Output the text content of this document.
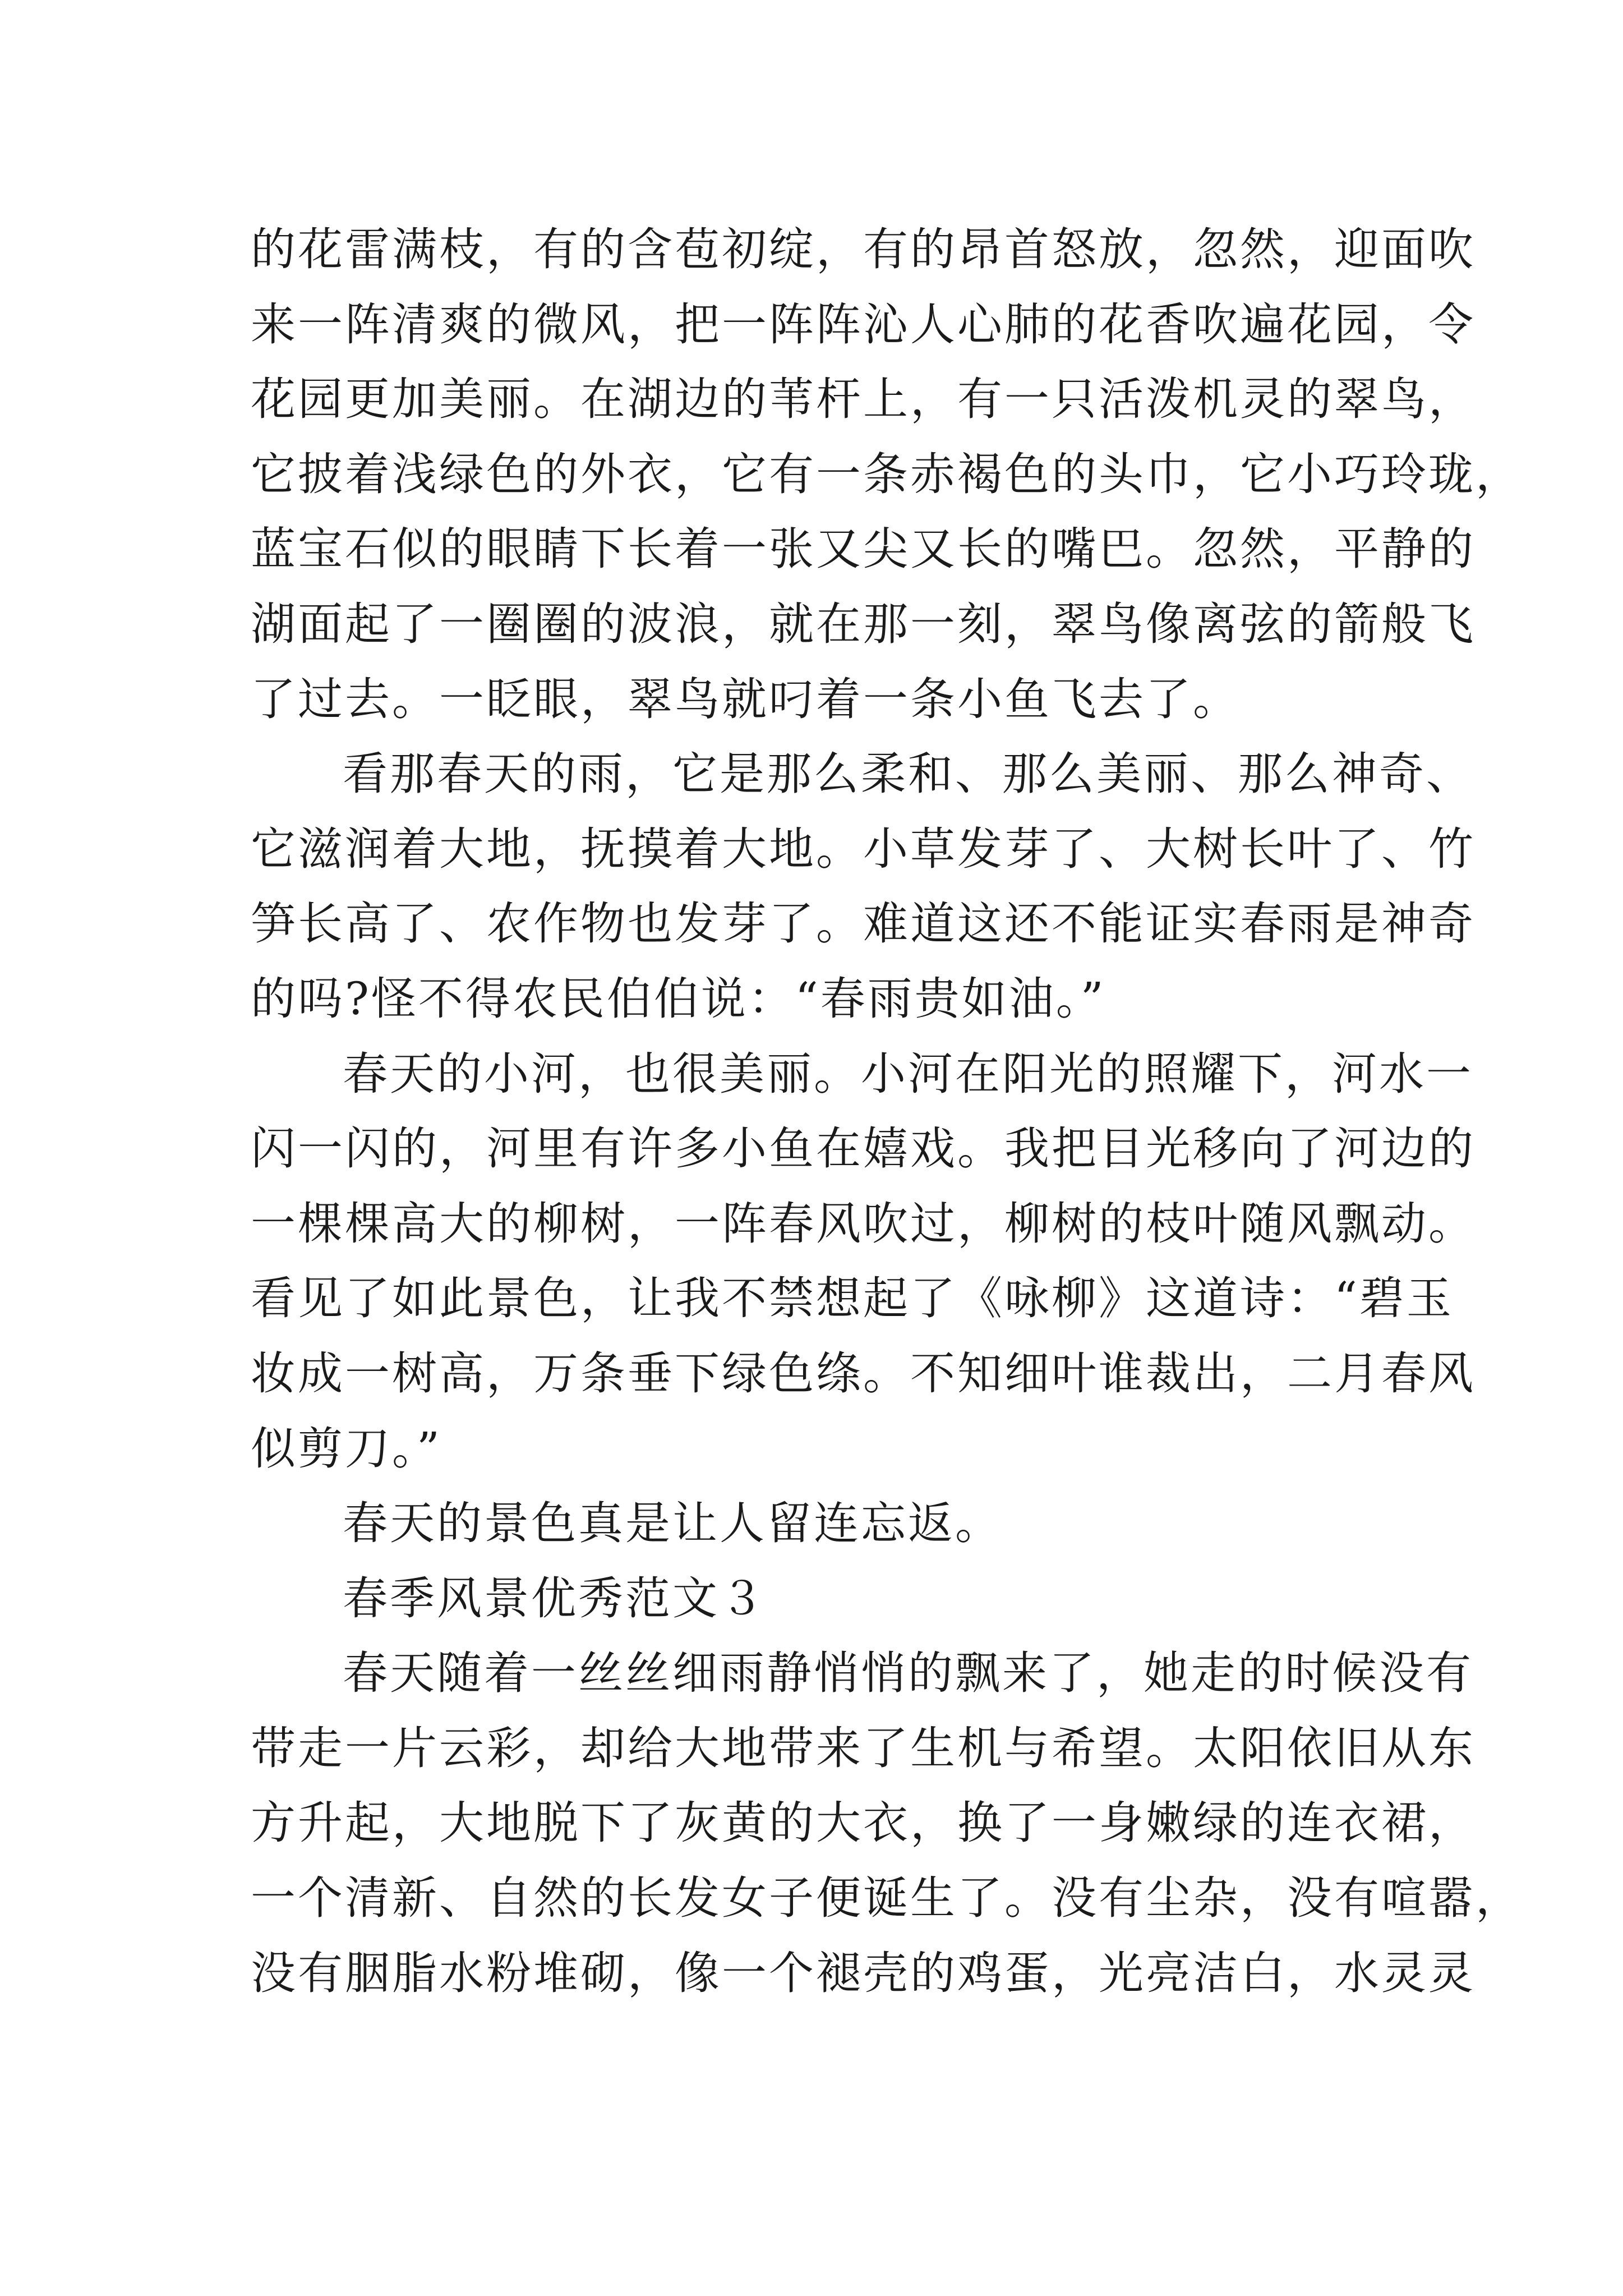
的花雷满枝，有的含苞初绽，有的昂首怒放，忽然，迎面吹
来一阵清爽的微风，把一阵阵沁人心肺的花香吹遍花园，令
花园更加美丽。在湖边的苇杆上，有一只活泼机灵的翠鸟，
它披着浅绿色的外衣，它有一条赤褐色的头巾，它小巧玲珑，
蓝宝石似的眼睛下长着一张又尖又长的嘴巴。忽然，平静的
湖面起了一圈圈的波浪，就在那一刻，翠鸟像离弦的箭般飞
了过去。一眨眼，翠鸟就叼着一条小鱼飞去了。
看那春天的雨，它是那么柔和、那么美丽、那么神奇、
它滋润着大地，抚摸着大地。小草发芽了、大树长叶了、竹
笋长高了、农作物也发芽了。难道这还不能证实春雨是神奇
的吗?怪不得农民伯伯说：“春雨贵如油。”
春天的小河，也很美丽。小河在阳光的照耀下，河水一
闪一闪的，河里有许多小鱼在嬉戏。我把目光移向了河边的
一棵棵高大的柳树，一阵春风吹过，柳树的枝叶随风飘动。
看见了如此景色，让我不禁想起了《咏柳》这道诗：“碧玉
妆成一树高，万条垂下绿色绦。不知细叶谁裁出，二月春风
似剪刀。”
春天的景色真是让人留连忘返。
春季风景优秀范文３
春天随着一丝丝细雨静悄悄的飘来了，她走的时候没有
带走一片云彩，却给大地带来了生机与希望。太阳依旧从东
方升起，大地脱下了灰黄的大衣，换了一身嫩绿的连衣裙，
一个清新、自然的长发女子便诞生了。没有尘杂，没有喧嚣，
没有胭脂水粉堆砌，像一个褪壳的鸡蛋，光亮洁白，水灵灵
